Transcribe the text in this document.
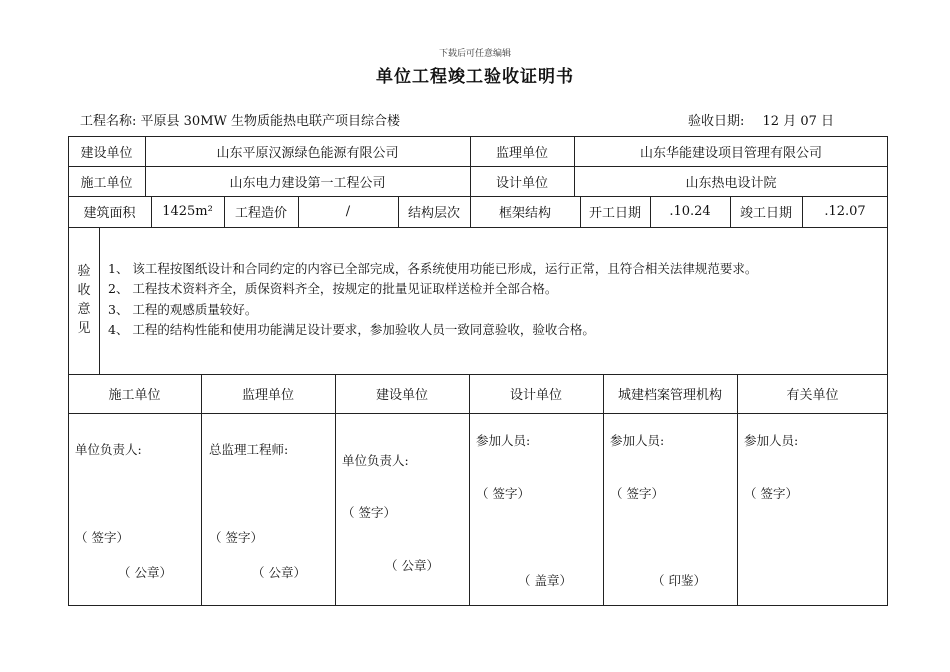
下载后可任意编辑
单位工程竣工验收证明书
工程名称: 平原县 30MW 生物质能热电联产项目综合楼	验收日期: 12 月 07 日
建设单位	山东平原汉源绿色能源有限公司	监理单位	山东华能建设项目管理有限公司
施工单位	山东电力建设第一工程公司	设计单位	山东热电设计院
建筑面积	1425m²	工程造价	/	结构层次	框架结构	开工日期	.10.24	竣工日期	.12.07
验收意见
1、 该工程按图纸设计和合同约定的内容已全部完成，各系统使用功能已形成，运行正常，且符合相关法律规范要求。
2、 工程技术资料齐全，质保资料齐全，按规定的批量见证取样送检并全部合格。
3、 工程的观感质量较好。
4、 工程的结构性能和使用功能满足设计要求，参加验收人员一致同意验收，验收合格。
施工单位	监理单位	建设单位	设计单位	城建档案管理机构	有关单位
单位负责人:
（ 签字）
（ 公章）
总监理工程师:
（ 签字）
（ 公章）
单位负责人:
（ 签字）
（ 公章）
参加人员:
（ 签字）
（ 盖章）
参加人员:
（ 签字）
（ 印鉴）
参加人员:
（ 签字）
